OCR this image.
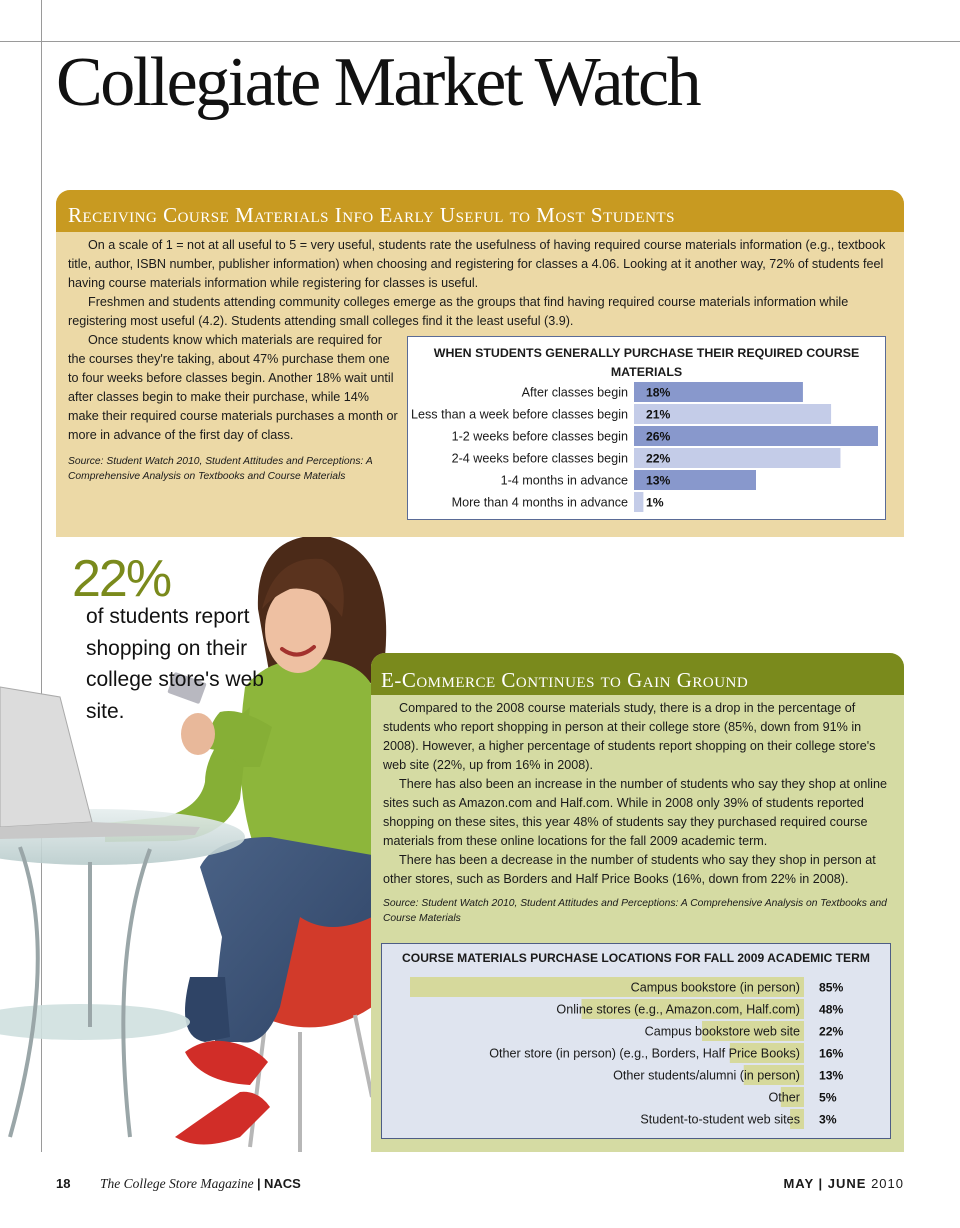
Collegiate Market Watch
Receiving Course Materials Info Early Useful to Most Students

On a scale of 1 = not at all useful to 5 = very useful, students rate the usefulness of having required course materials information (e.g., textbook title, author, ISBN number, publisher information) when choosing and registering for classes a 4.06. Looking at it another way, 72% of students feel having course materials information while registering for classes is useful.

Freshmen and students attending community colleges emerge as the groups that find having required course materials information while registering most useful (4.2). Students attending small colleges find it the least useful (3.9).

Once students know which materials are required for the courses they're taking, about 47% purchase them one to four weeks before classes begin. Another 18% wait until after classes begin to make their purchase, while 14% make their required course materials purchases a month or more in advance of the first day of class.

Source: Student Watch 2010, Student Attitudes and Perceptions: A Comprehensive Analysis on Textbooks and Course Materials

WHEN STUDENTS GENERALLY PURCHASE THEIR REQUIRED COURSE MATERIALS
After classes begin 18%
Less than a week before classes begin 21%
1-2 weeks before classes begin 26%
2-4 weeks before classes begin 22%
1-4 months in advance 13%
More than 4 months in advance 1%
22%
of students report shopping on their college store's web site.
E-Commerce Continues to Gain Ground

Compared to the 2008 course materials study, there is a drop in the percentage of students who report shopping in person at their college store (85%, down from 91% in 2008). However, a higher percentage of students report shopping on their college store's web site (22%, up from 16% in 2008).

There has also been an increase in the number of students who say they shop at online sites such as Amazon.com and Half.com. While in 2008 only 39% of students reported shopping on these sites, this year 48% of students say they purchased required course materials from these online locations for the fall 2009 academic term.

There has been a decrease in the number of students who say they shop in person at other stores, such as Borders and Half Price Books (16%, down from 22% in 2008).

Source: Student Watch 2010, Student Attitudes and Perceptions: A Comprehensive Analysis on Textbooks and Course Materials

COURSE MATERIALS PURCHASE LOCATIONS FOR FALL 2009 ACADEMIC TERM
Campus bookstore (in person) 85%
Online stores (e.g., Amazon.com, Half.com) 48%
Campus bookstore web site 22%
Other store (in person) (e.g., Borders, Half Price Books) 16%
Other students/alumni (in person) 13%
Other 5%
Student-to-student web sites 3%
18 The College Store Magazine | NACS	MAY | JUNE 2010
